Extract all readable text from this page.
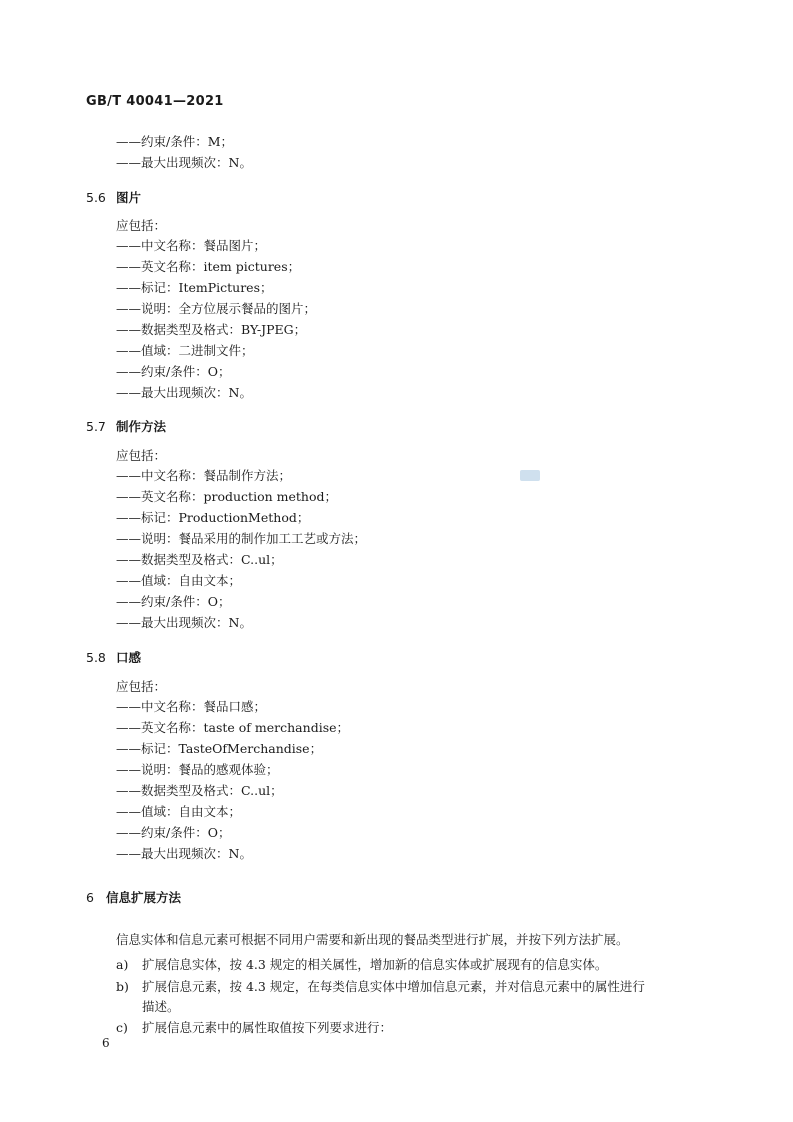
GB/T 40041—2021
——约束/条件：M；
——最大出现频次：N。
5.6 图片
应包括：
——中文名称：餐品图片；
——英文名称：item pictures；
——标记：ItemPictures；
——说明：全方位展示餐品的图片；
——数据类型及格式：BY-JPEG；
——值域：二进制文件；
——约束/条件：O；
——最大出现频次：N。
5.7 制作方法
应包括：
——中文名称：餐品制作方法；
——英文名称：production method；
——标记：ProductionMethod；
——说明：餐品采用的制作加工工艺或方法；
——数据类型及格式：C..ul；
——值域：自由文本；
——约束/条件：O；
——最大出现频次：N。
5.8 口感
应包括：
——中文名称：餐品口感；
——英文名称：taste of merchandise；
——标记：TasteOfMerchandise；
——说明：餐品的感观体验；
——数据类型及格式：C..ul；
——值域：自由文本；
——约束/条件：O；
——最大出现频次：N。
6 信息扩展方法
信息实体和信息元素可根据不同用户需要和新出现的餐品类型进行扩展，并按下列方法扩展。
a) 扩展信息实体，按 4.3 规定的相关属性，增加新的信息实体或扩展现有的信息实体。
b) 扩展信息元素，按 4.3 规定，在每类信息实体中增加信息元素，并对信息元素中的属性进行
描述。
c) 扩展信息元素中的属性取值按下列要求进行：
6
